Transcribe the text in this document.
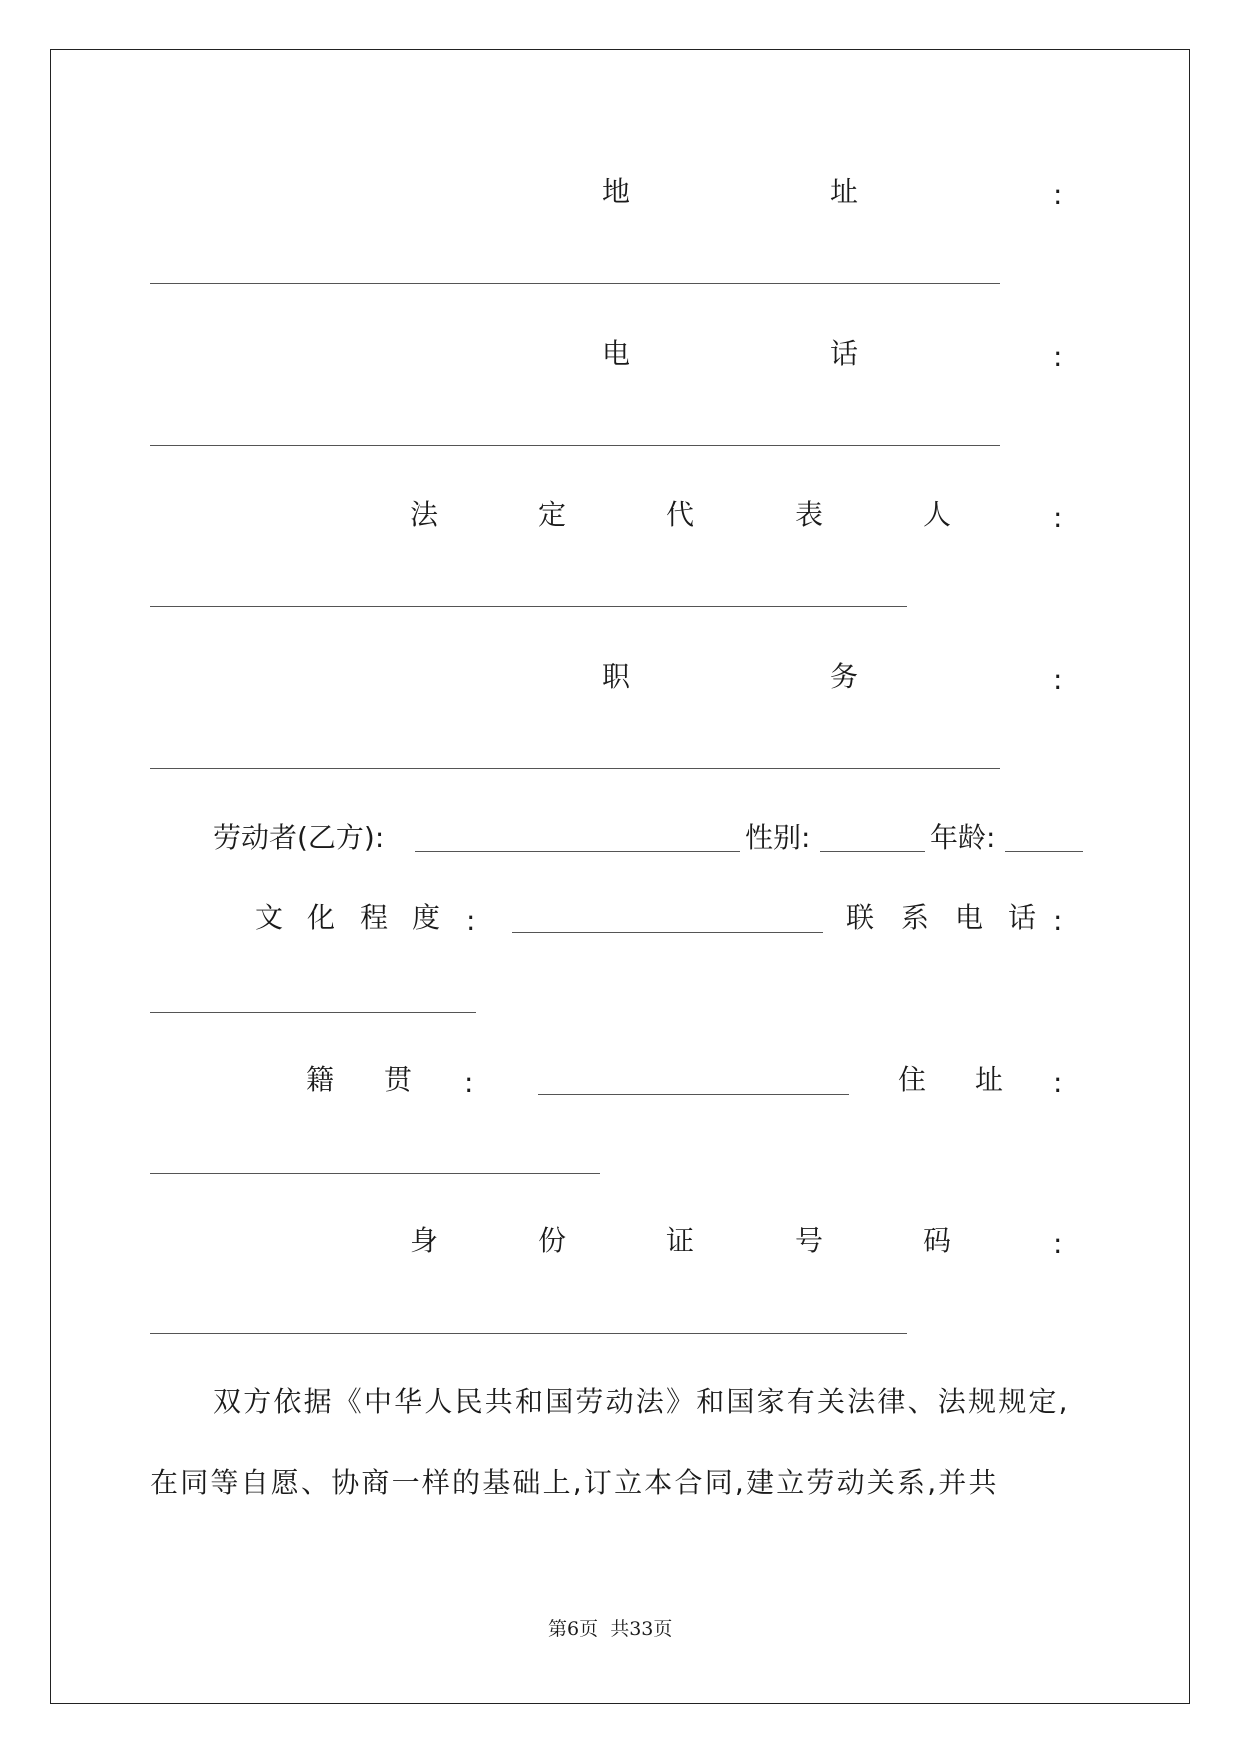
地	址	:
电	话	:
法	定	代	表	人	:
职	务	:
劳动者(乙方):	性别:	年龄:
文 化 程 度 :	联 系 电 话 :
籍 贯 :	住 址 :
身	份	证	号	码	:
双方依据《中华人民共和国劳动法》和国家有关法律、法规规定,
在同等自愿、协商一样的基础上,订立本合同,建立劳动关系,并共
第6页  共33页
